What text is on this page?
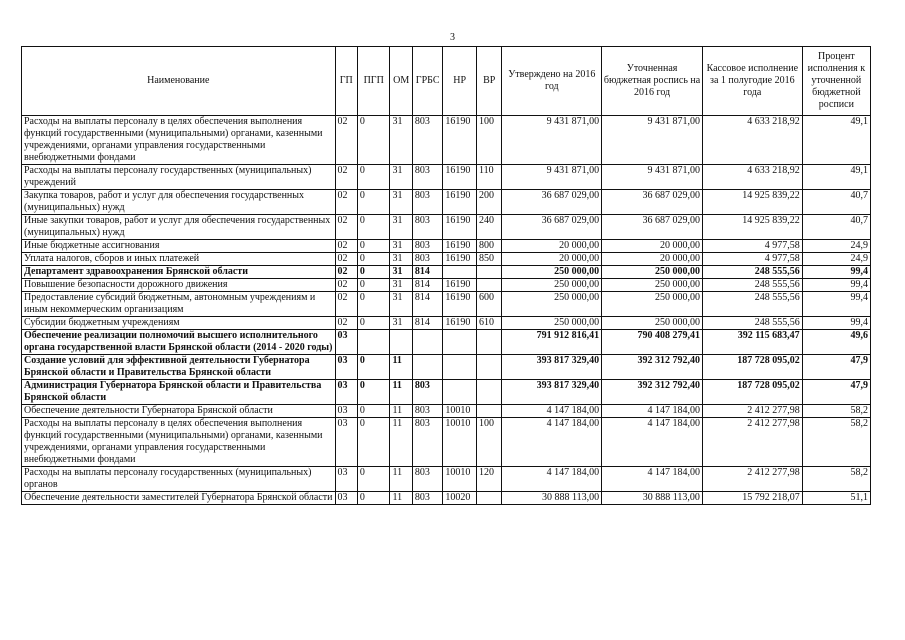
3
Наименование	ГП	ПГП	ОМ	ГРБС	НР	ВР	Утверждено на 2016 год	Уточненная бюджетная роспись на 2016 год	Кассовое исполнение за 1 полугодие 2016 года	Процент исполнения к уточненной бюджетной росписи
Расходы на выплаты персоналу в целях обеспечения выполнения функций государственными (муниципальными) органами, казенными учреждениями, органами управления государственными внебюджетными фондами	02	0	31	803	16190	100	9 431 871,00	9 431 871,00	4 633 218,92	49,1
Расходы на выплаты персоналу государственных (муниципальных) учреждений	02	0	31	803	16190	110	9 431 871,00	9 431 871,00	4 633 218,92	49,1
Закупка товаров, работ и услуг для обеспечения государственных (муниципальных) нужд	02	0	31	803	16190	200	36 687 029,00	36 687 029,00	14 925 839,22	40,7
Иные закупки товаров, работ и услуг для обеспечения государственных (муниципальных) нужд	02	0	31	803	16190	240	36 687 029,00	36 687 029,00	14 925 839,22	40,7
Иные бюджетные ассигнования	02	0	31	803	16190	800	20 000,00	20 000,00	4 977,58	24,9
Уплата налогов, сборов и иных платежей	02	0	31	803	16190	850	20 000,00	20 000,00	4 977,58	24,9
Департамент здравоохранения Брянской области	02	0	31	814			250 000,00	250 000,00	248 555,56	99,4
Повышение безопасности дорожного движения	02	0	31	814	16190		250 000,00	250 000,00	248 555,56	99,4
Предоставление субсидий бюджетным, автономным учреждениям и иным некоммерческим организациям	02	0	31	814	16190	600	250 000,00	250 000,00	248 555,56	99,4
Субсидии бюджетным учреждениям	02	0	31	814	16190	610	250 000,00	250 000,00	248 555,56	99,4
Обеспечение реализации полномочий высшего исполнительного органа государственной власти Брянской области (2014 - 2020 годы)	03						791 912 816,41	790 408 279,41	392 115 683,47	49,6
Создание условий для эффективной деятельности Губернатора Брянской области и Правительства Брянской области	03	0	11				393 817 329,40	392 312 792,40	187 728 095,02	47,9
Администрация Губернатора Брянской области и Правительства Брянской области	03	0	11	803			393 817 329,40	392 312 792,40	187 728 095,02	47,9
Обеспечение деятельности Губернатора Брянской области	03	0	11	803	10010		4 147 184,00	4 147 184,00	2 412 277,98	58,2
Расходы на выплаты персоналу в целях обеспечения выполнения функций государственными (муниципальными) органами, казенными учреждениями, органами управления государственными внебюджетными фондами	03	0	11	803	10010	100	4 147 184,00	4 147 184,00	2 412 277,98	58,2
Расходы на выплаты персоналу государственных (муниципальных) органов	03	0	11	803	10010	120	4 147 184,00	4 147 184,00	2 412 277,98	58,2
Обеспечение деятельности заместителей Губернатора Брянской области	03	0	11	803	10020		30 888 113,00	30 888 113,00	15 792 218,07	51,1
